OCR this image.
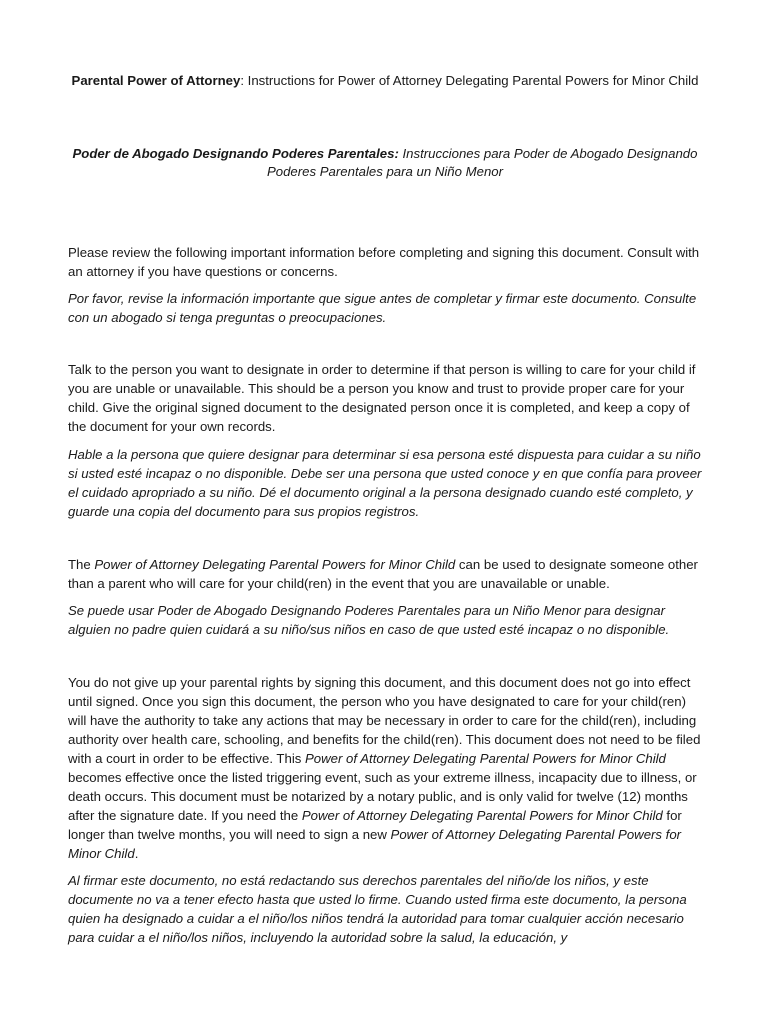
Parental Power of Attorney: Instructions for Power of Attorney Delegating Parental Powers for Minor Child
Poder de Abogado Designando Poderes Parentales: Instrucciones para Poder de Abogado Designando Poderes Parentales para un Niño Menor

Please review the following important information before completing and signing this document. Consult with an attorney if you have questions or concerns.

Por favor, revise la información importante que sigue antes de completar y firmar este documento. Consulte con un abogado si tenga preguntas o preocupaciones.

Talk to the person you want to designate in order to determine if that person is willing to care for your child if you are unable or unavailable. This should be a person you know and trust to provide proper care for your child. Give the original signed document to the designated person once it is completed, and keep a copy of the document for your own records.

Hable a la persona que quiere designar para determinar si esa persona esté dispuesta para cuidar a su niño si usted esté incapaz o no disponible. Debe ser una persona que usted conoce y en que confía para proveer el cuidado apropriado a su niño. Dé el documento original a la persona designado cuando esté completo, y guarde una copia del documento para sus propios registros.

The Power of Attorney Delegating Parental Powers for Minor Child can be used to designate someone other than a parent who will care for your child(ren) in the event that you are unavailable or unable.

Se puede usar Poder de Abogado Designando Poderes Parentales para un Niño Menor para designar alguien no padre quien cuidará a su niño/sus niños en caso de que usted esté incapaz o no disponible.

You do not give up your parental rights by signing this document, and this document does not go into effect until signed. Once you sign this document, the person who you have designated to care for your child(ren) will have the authority to take any actions that may be necessary in order to care for the child(ren), including authority over health care, schooling, and benefits for the child(ren). This document does not need to be filed with a court in order to be effective. This Power of Attorney Delegating Parental Powers for Minor Child becomes effective once the listed triggering event, such as your extreme illness, incapacity due to illness, or death occurs. This document must be notarized by a notary public, and is only valid for twelve (12) months after the signature date. If you need the Power of Attorney Delegating Parental Powers for Minor Child for longer than twelve months, you will need to sign a new Power of Attorney Delegating Parental Powers for Minor Child.

Al firmar este documento, no está redactando sus derechos parentales del niño/de los niños, y este documente no va a tener efecto hasta que usted lo firme. Cuando usted firma este documento, la persona quien ha designado a cuidar a el niño/los niños tendrá la autoridad para tomar cualquier acción necesario para cuidar a el niño/los niños, incluyendo la autoridad sobre la salud, la educación, y
